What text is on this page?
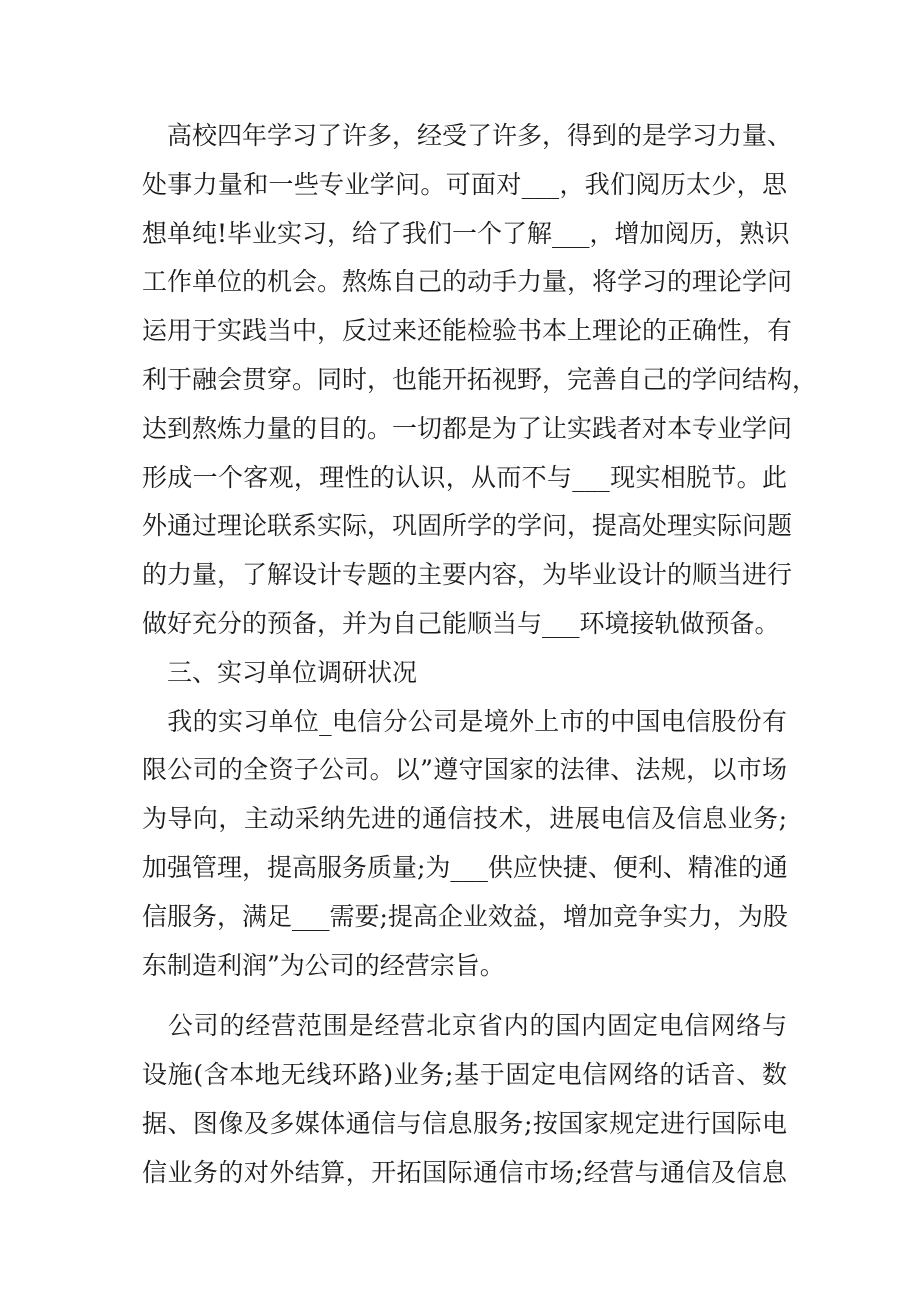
　高校四年学习了许多，经受了许多，得到的是学习力量、
处事力量和一些专业学问。可面对___，我们阅历太少，思
想单纯!毕业实习，给了我们一个了解___，增加阅历，熟识
工作单位的机会。熬炼自己的动手力量，将学习的理论学问
运用于实践当中，反过来还能检验书本上理论的正确性，有
利于融会贯穿。同时，也能开拓视野，完善自己的学问结构，
达到熬炼力量的目的。一切都是为了让实践者对本专业学问
形成一个客观，理性的认识，从而不与___现实相脱节。此
外通过理论联系实际，巩固所学的学问，提高处理实际问题
的力量，了解设计专题的主要内容，为毕业设计的顺当进行
做好充分的预备，并为自己能顺当与___环境接轨做预备。
　三、实习单位调研状况
　我的实习单位_电信分公司是境外上市的中国电信股份有
限公司的全资子公司。以”遵守国家的法律、法规，以市场
为导向，主动采纳先进的通信技术，进展电信及信息业务;
加强管理，提高服务质量;为___供应快捷、便利、精准的通
信服务，满足___需要;提高企业效益，增加竞争实力，为股
东制造利润”为公司的经营宗旨。
　公司的经营范围是经营北京省内的国内固定电信网络与
设施(含本地无线环路)业务;基于固定电信网络的话音、数
据、图像及多媒体通信与信息服务;按国家规定进行国际电
信业务的对外结算，开拓国际通信市场;经营与通信及信息
